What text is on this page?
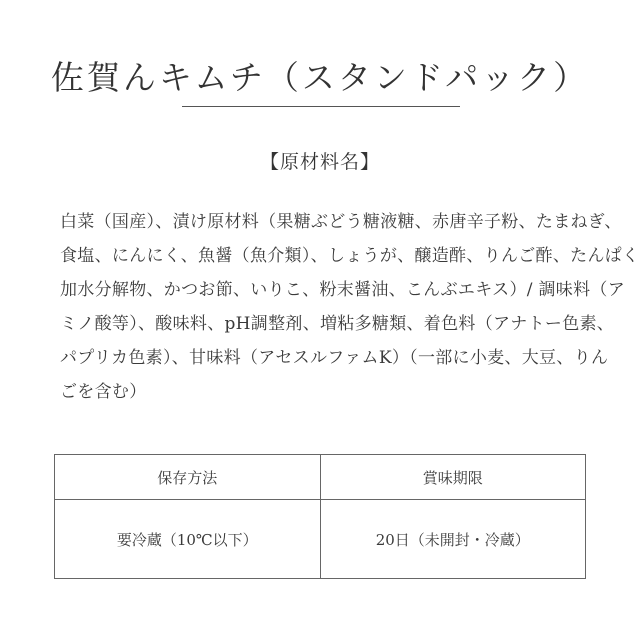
佐賀んキムチ（スタンドパック）
【原材料名】
白菜（国産）、漬け原材料（果糖ぶどう糖液糖、赤唐辛子粉、たまねぎ、
食塩、にんにく、魚醤（魚介類）、しょうが、醸造酢、りんご酢、たんぱく
加水分解物、かつお節、いりこ、粉末醤油、こんぶエキス）/ 調味料（ア
ミノ酸等）、酸味料、pH調整剤、増粘多糖類、着色料（アナトー色素、
パプリカ色素）、甘味料（アセスルファムK）（一部に小麦、大豆、りん
ごを含む）
保存方法	賞味期限
要冷蔵（10℃以下）	20日（未開封・冷蔵）
